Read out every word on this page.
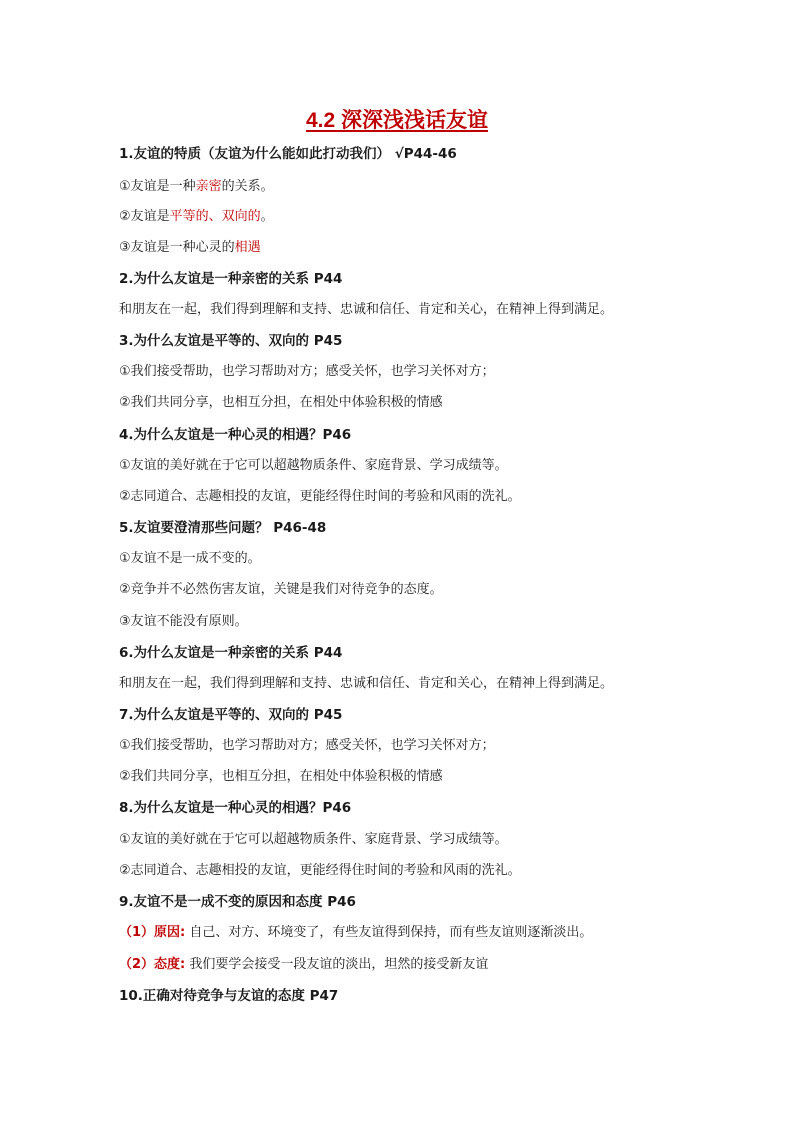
4.2 深深浅浅话友谊
1.友谊的特质（友谊为什么能如此打动我们） √P44-46
①友谊是一种亲密的关系。
②友谊是平等的、双向的。
③友谊是一种心灵的相遇
2.为什么友谊是一种亲密的关系 P44
和朋友在一起，我们得到理解和支持、忠诚和信任、肯定和关心，在精神上得到满足。
3.为什么友谊是平等的、双向的 P45
①我们接受帮助，也学习帮助对方；感受关怀，也学习关怀对方；
②我们共同分享，也相互分担，在相处中体验积极的情感
4.为什么友谊是一种心灵的相遇？P46
①友谊的美好就在于它可以超越物质条件、家庭背景、学习成绩等。
②志同道合、志趣相投的友谊，更能经得住时间的考验和风雨的洗礼。
5.友谊要澄清那些问题？ P46-48
①友谊不是一成不变的。
②竞争并不必然伤害友谊，关键是我们对待竞争的态度。
③友谊不能没有原则。
6.为什么友谊是一种亲密的关系 P44
和朋友在一起，我们得到理解和支持、忠诚和信任、肯定和关心，在精神上得到满足。
7.为什么友谊是平等的、双向的 P45
①我们接受帮助，也学习帮助对方；感受关怀，也学习关怀对方；
②我们共同分享，也相互分担，在相处中体验积极的情感
8.为什么友谊是一种心灵的相遇？P46
①友谊的美好就在于它可以超越物质条件、家庭背景、学习成绩等。
②志同道合、志趣相投的友谊，更能经得住时间的考验和风雨的洗礼。
9.友谊不是一成不变的原因和态度 P46
（1）原因: 自己、对方、环境变了，有些友谊得到保持，而有些友谊则逐渐淡出。
（2）态度: 我们要学会接受一段友谊的淡出，坦然的接受新友谊
10.正确对待竞争与友谊的态度 P47
